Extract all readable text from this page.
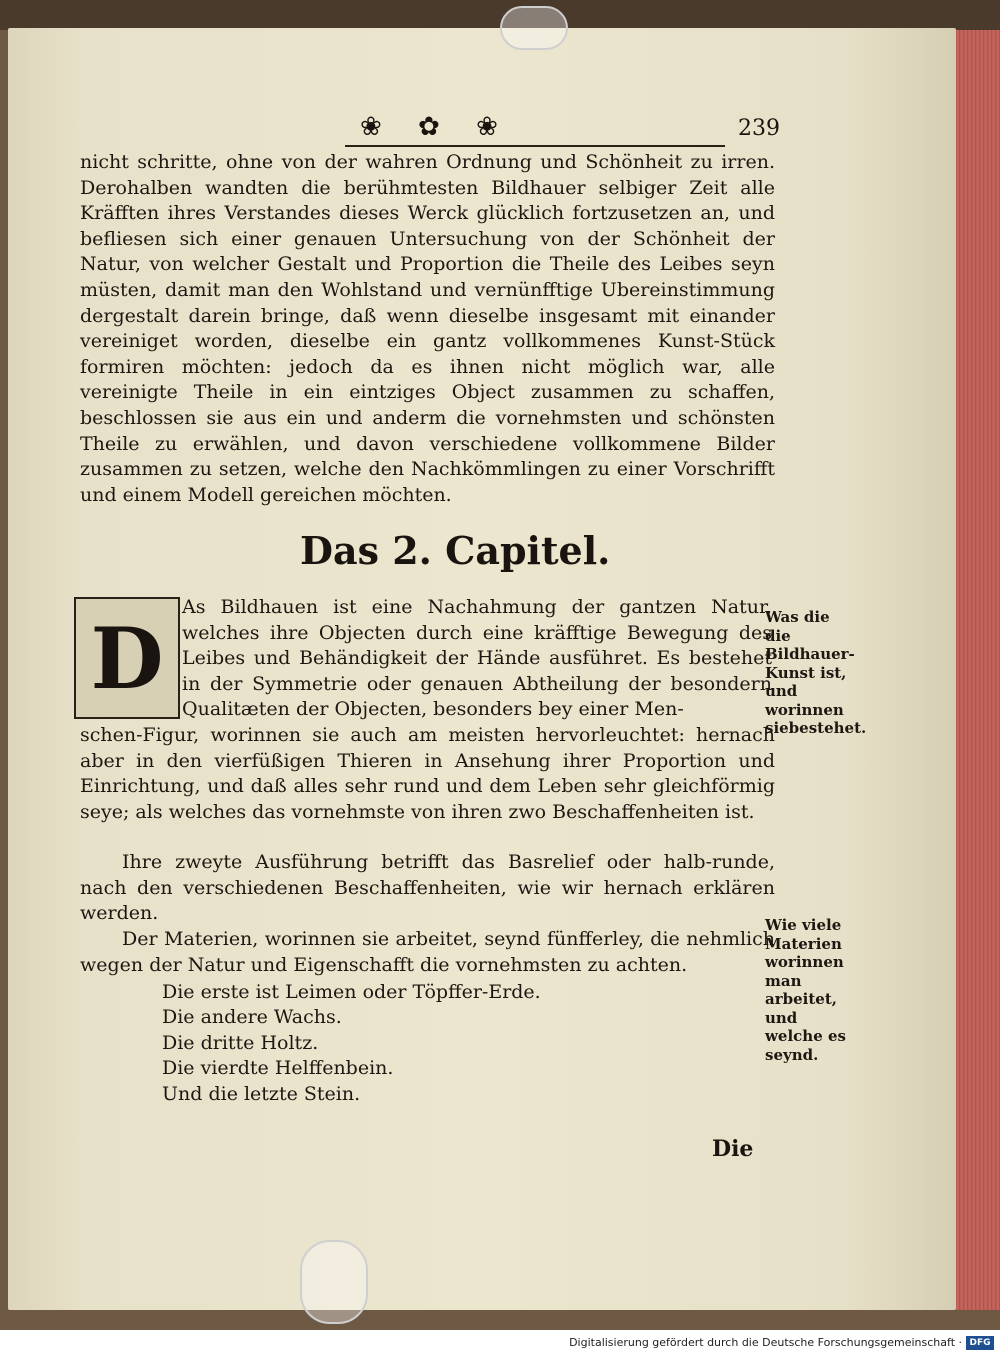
❀ ✿ ❀	239
nicht schritte, ohne von der wahren Ordnung und Schönheit zu irren. Derohalben wandten die berühmtesten Bildhauer selbiger Zeit alle Kräfften ihres Verstandes dieses Werck glücklich fortzusetzen an, und befliesen sich einer genauen Untersuchung von der Schönheit der Natur, von welcher Gestalt und Proportion die Theile des Leibes seyn müsten, damit man den Wohlstand und vernünfftige Ubereinstimmung dergestalt darein bringe, daß wenn dieselbe insgesamt mit einander vereiniget worden, dieselbe ein gantz vollkommenes Kunst-Stück formiren möchten: jedoch da es ihnen nicht möglich war, alle vereinigte Theile in ein eintziges Object zusammen zu schaffen, beschlossen sie aus ein und anderm die vornehmsten und schönsten Theile zu erwählen, und davon verschiedene vollkommene Bilder zusammen zu setzen, welche den Nachkömmlingen zu einer Vorschrifft und einem Modell gereichen möchten.
Das 2. Capitel.
D
As Bildhauen ist eine Nachahmung der gantzen Natur, welches ihre Objecten durch eine kräfftige Bewegung des Leibes und Behändigkeit der Hände ausführet. Es bestehet in der Symmetrie oder genauen Abtheilung der besondern Qualitæten der Objecten, besonders bey einer Men-
schen-Figur, worinnen sie auch am meisten hervorleuchtet: hernach aber in den vierfüßigen Thieren in Ansehung ihrer Proportion und Einrichtung, und daß alles sehr rund und dem Leben sehr gleichförmig seye; als welches das vornehmste von ihren zwo Beschaffenheiten ist.
Ihre zweyte Ausführung betrifft das Basrelief oder halb-runde, nach den verschiedenen Beschaffenheiten, wie wir hernach erklären werden.
Der Materien, worinnen sie arbeitet, seynd fünfferley, die nehmlich wegen der Natur und Eigenschafft die vornehmsten zu achten.
Die erste ist Leimen oder Töpffer-Erde.
Die andere Wachs.
Die dritte Holtz.
Die vierdte Helffenbein.
Und die letzte Stein.
Was die die Bildhauer-Kunst ist, und worinnen siebestehet.
Wie viele Materien worinnen man arbeitet, und welche es seynd.
Die
Digitalisierung gefördert durch die Deutsche Forschungsgemeinschaft · DFG
